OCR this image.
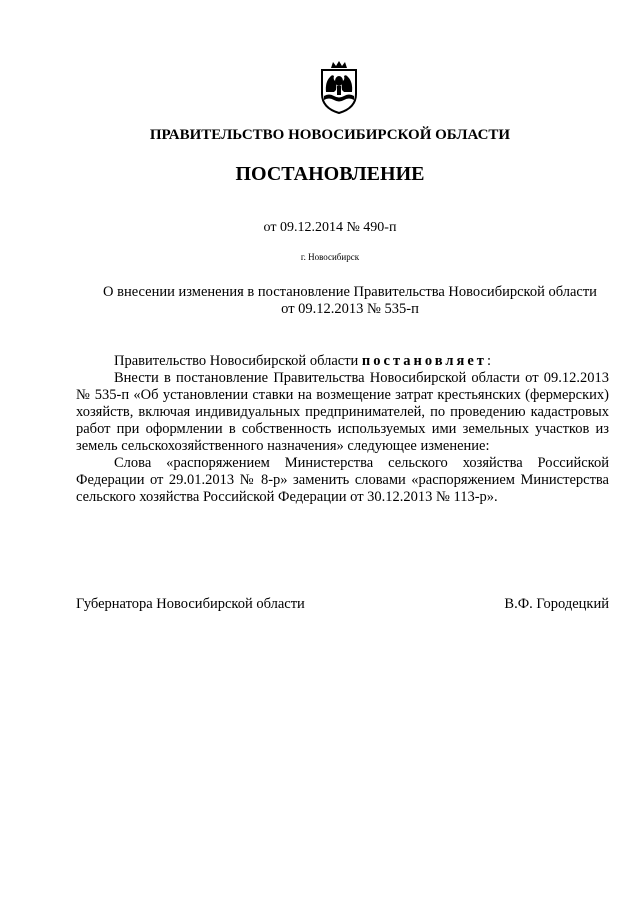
ПРАВИТЕЛЬСТВО НОВОСИБИРСКОЙ ОБЛАСТИ
ПОСТАНОВЛЕНИЕ
от 09.12.2014 № 490-п
г. Новосибирск
О внесении изменения в постановление Правительства Новосибирской области
от 09.12.2013 № 535-п

Правительство Новосибирской области постановляет:

Внести в постановление Правительства Новосибирской области от 09.12.2013 № 535-п «Об установлении ставки на возмещение затрат крестьянских (фермерских) хозяйств, включая индивидуальных предпринимателей, по проведению кадастровых работ при оформлении в собственность используемых ими земельных участков из земель сельскохозяйственного назначения» следующее изменение:

Слова «распоряжением Министерства сельского хозяйства Российской Федерации от 29.01.2013 № 8-р» заменить словами «распоряжением Министерства сельского хозяйства Российской Федерации от 30.12.2013 № 113-р».

Губернатора Новосибирской области	В.Ф. Городецкий
